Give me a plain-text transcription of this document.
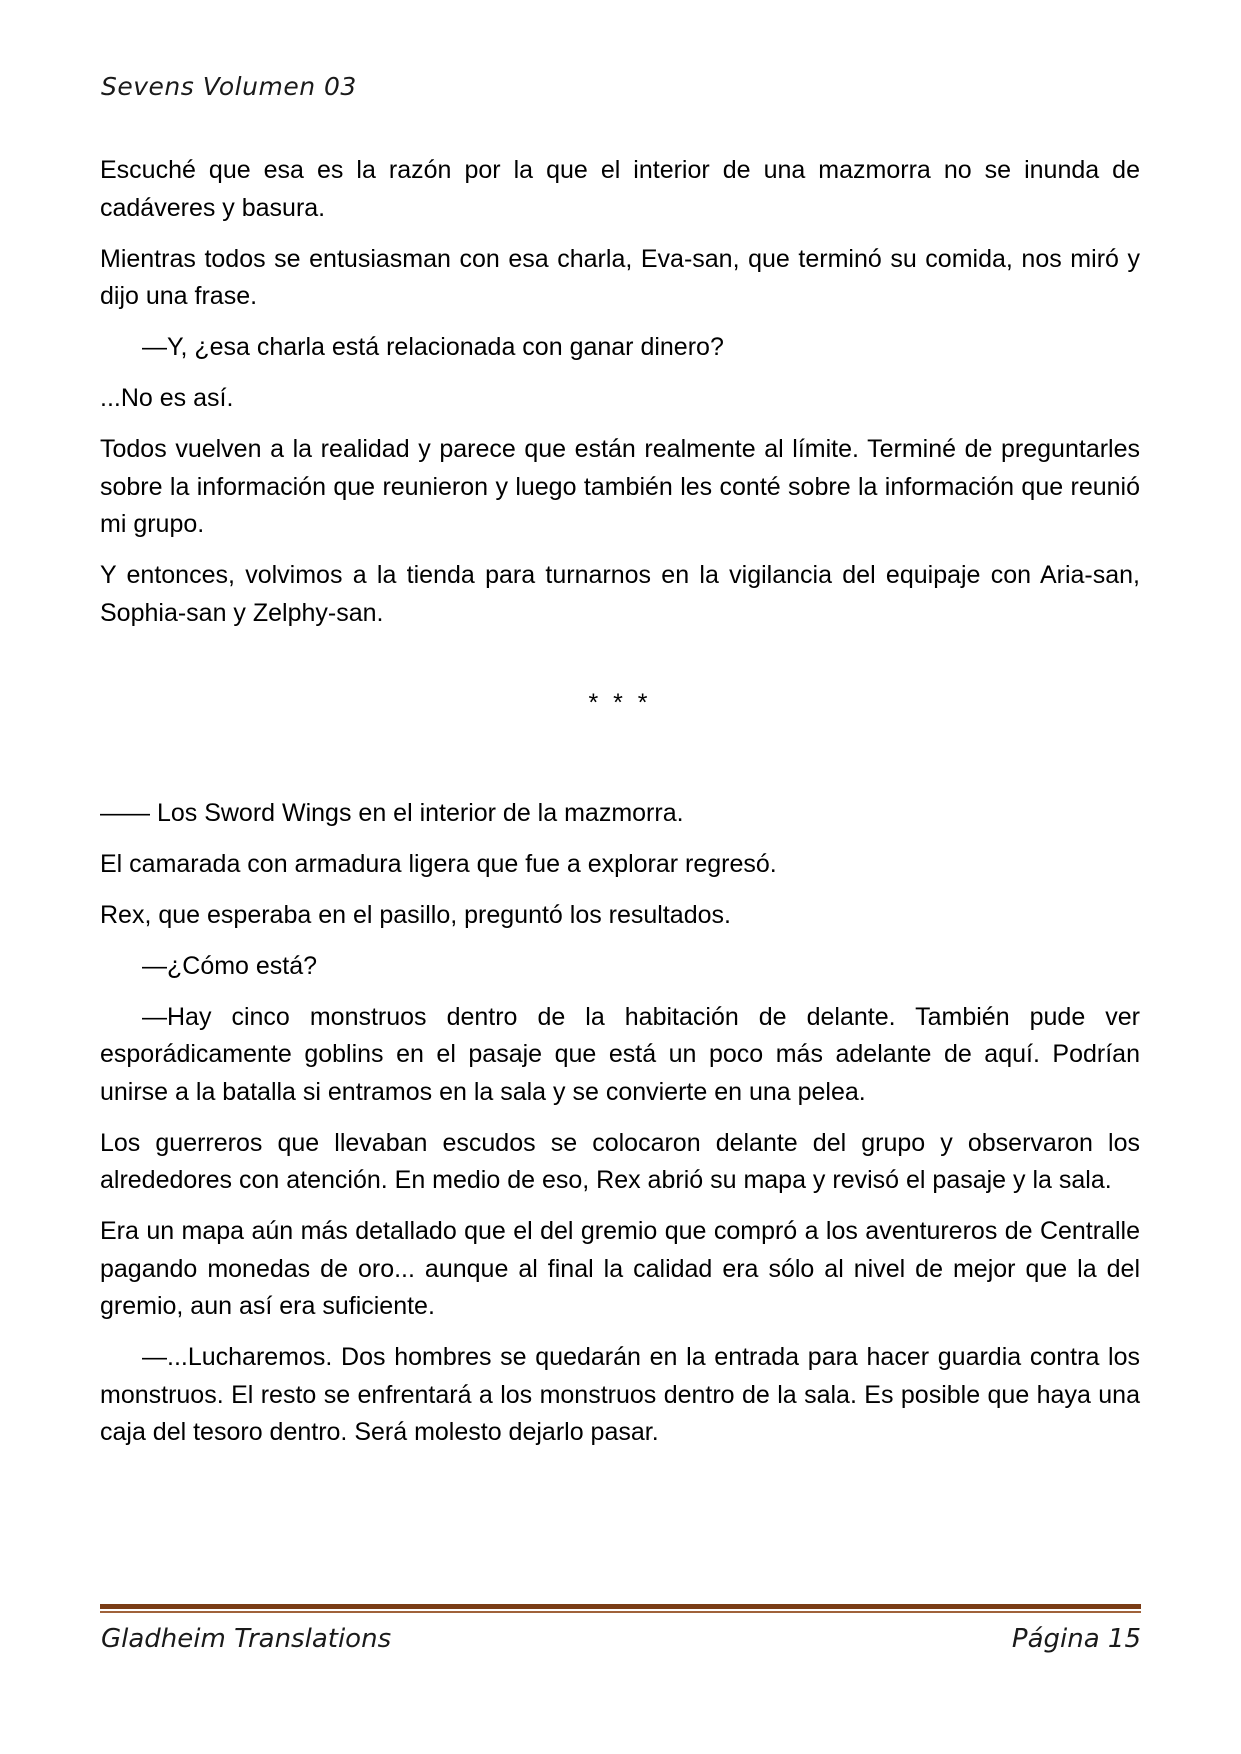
Sevens Volumen 03

Escuché que esa es la razón por la que el interior de una mazmorra no se inunda de cadáveres y basura.

Mientras todos se entusiasman con esa charla, Eva-san, que terminó su comida, nos miró y dijo una frase.

—Y, ¿esa charla está relacionada con ganar dinero?

...No es así.

Todos vuelven a la realidad y parece que están realmente al límite. Terminé de preguntarles sobre la información que reunieron y luego también les conté sobre la información que reunió mi grupo.

Y entonces, volvimos a la tienda para turnarnos en la vigilancia del equipaje con Aria-san, Sophia-san y Zelphy-san.

* * *

—— Los Sword Wings en el interior de la mazmorra.

El camarada con armadura ligera que fue a explorar regresó.

Rex, que esperaba en el pasillo, preguntó los resultados.

—¿Cómo está?

—Hay cinco monstruos dentro de la habitación de delante. También pude ver esporádicamente goblins en el pasaje que está un poco más adelante de aquí. Podrían unirse a la batalla si entramos en la sala y se convierte en una pelea.

Los guerreros que llevaban escudos se colocaron delante del grupo y observaron los alrededores con atención. En medio de eso, Rex abrió su mapa y revisó el pasaje y la sala.

Era un mapa aún más detallado que el del gremio que compró a los aventureros de Centralle pagando monedas de oro... aunque al final la calidad era sólo al nivel de mejor que la del gremio, aun así era suficiente.

—...Lucharemos. Dos hombres se quedarán en la entrada para hacer guardia contra los monstruos. El resto se enfrentará a los monstruos dentro de la sala. Es posible que haya una caja del tesoro dentro. Será molesto dejarlo pasar.

Gladheim Translations	Página 15
